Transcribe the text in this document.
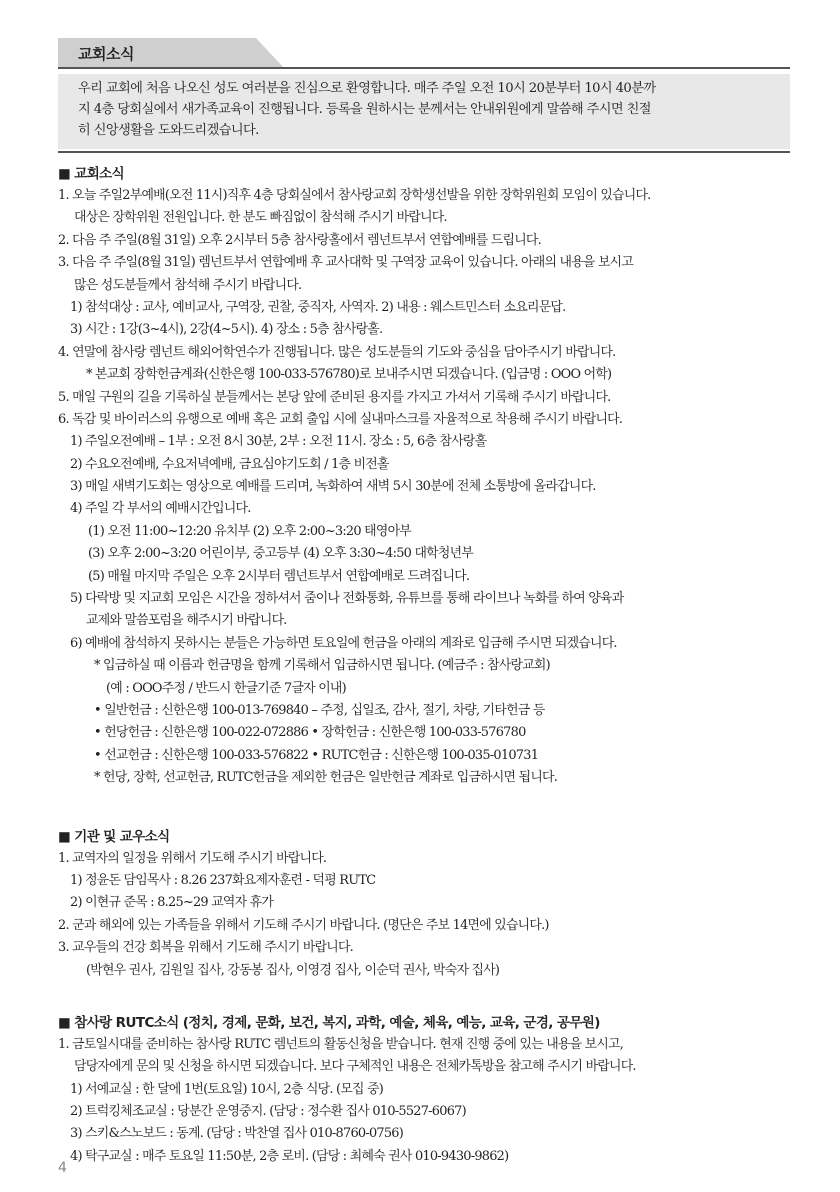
교회소식
우리 교회에 처음 나오신 성도 여러분을 진심으로 환영합니다. 매주 주일 오전 10시 20분부터 10시 40분까
지 4층 당회실에서 새가족교육이 진행됩니다. 등록을 원하시는 분께서는 안내위원에게 말씀해 주시면 친절
히 신앙생활을 도와드리겠습니다.
■ 교회소식
1. 오늘 주일2부예배(오전 11시)직후 4층 당회실에서 참사랑교회 장학생선발을 위한 장학위원회 모임이 있습니다.
대상은 장학위원 전원입니다. 한 분도 빠짐없이 참석해 주시기 바랍니다.
2. 다음 주 주일(8월 31일) 오후 2시부터 5층 참사랑홀에서 렘넌트부서 연합예배를 드립니다.
3. 다음 주 주일(8월 31일) 렘넌트부서 연합예배 후 교사대학 및 구역장 교육이 있습니다. 아래의 내용을 보시고
많은 성도분들께서 참석해 주시기 바랍니다.
1) 참석대상 : 교사, 예비교사, 구역장, 권찰, 중직자, 사역자. 2) 내용 : 웨스트민스터 소요리문답.
3) 시간 : 1강(3~4시), 2강(4~5시). 4) 장소 : 5층 참사랑홀.
4. 연말에 참사랑 렘넌트 해외어학연수가 진행됩니다. 많은 성도분들의 기도와 중심을 담아주시기 바랍니다.
* 본교회 장학헌금계좌(신한은행 100-033-576780)로 보내주시면 되겠습니다. (입금명 : OOO 어학)
5. 매일 구원의 길을 기록하실 분들께서는 본당 앞에 준비된 용지를 가지고 가셔서 기록해 주시기 바랍니다.
6. 독감 및 바이러스의 유행으로 예배 혹은 교회 출입 시에 실내마스크를 자율적으로 착용해 주시기 바랍니다.
1) 주일오전예배 – 1부 : 오전 8시 30분, 2부 : 오전 11시. 장소 : 5, 6층 참사랑홀
2) 수요오전예배, 수요저녁예배, 금요심야기도회 / 1층 비전홀
3) 매일 새벽기도회는 영상으로 예배를 드리며, 녹화하여 새벽 5시 30분에 전체 소통방에 올라갑니다.
4) 주일 각 부서의 예배시간입니다.
(1) 오전 11:00~12:20 유치부 (2) 오후 2:00~3:20 태영아부
(3) 오후 2:00~3:20 어린이부, 중고등부 (4) 오후 3:30~4:50 대학청년부
(5) 매월 마지막 주일은 오후 2시부터 렘넌트부서 연합예배로 드려집니다.
5) 다락방 및 지교회 모임은 시간을 정하셔서 줌이나 전화통화, 유튜브를 통해 라이브나 녹화를 하여 양육과
교제와 말씀포럼을 해주시기 바랍니다.
6) 예배에 참석하지 못하시는 분들은 가능하면 토요일에 헌금을 아래의 계좌로 입금해 주시면 되겠습니다.
* 입금하실 때 이름과 헌금명을 함께 기록해서 입금하시면 됩니다. (예금주 : 참사랑교회)
(예 : OOO주정 / 반드시 한글기준 7글자 이내)
• 일반헌금 : 신한은행 100-013-769840 – 주정, 십일조, 감사, 절기, 차량, 기타헌금 등
• 헌당헌금 : 신한은행 100-022-072886 • 장학헌금 : 신한은행 100-033-576780
• 선교헌금 : 신한은행 100-033-576822 • RUTC헌금 : 신한은행 100-035-010731
* 헌당, 장학, 선교헌금, RUTC헌금을 제외한 헌금은 일반헌금 계좌로 입금하시면 됩니다.
■ 기관 및 교우소식
1. 교역자의 일정을 위해서 기도해 주시기 바랍니다.
1) 정윤돈 담임목사 : 8.26 237화요제자훈련 - 덕평 RUTC
2) 이현규 준목 : 8.25~29 교역자 휴가
2. 군과 해외에 있는 가족들을 위해서 기도해 주시기 바랍니다. (명단은 주보 14면에 있습니다.)
3. 교우들의 건강 회복을 위해서 기도해 주시기 바랍니다.
(박현우 권사, 김원일 집사, 강동봉 집사, 이영경 집사, 이순덕 권사, 박숙자 집사)
■ 참사랑 RUTC소식 (정치, 경제, 문화, 보건, 복지, 과학, 예술, 체육, 예능, 교육, 군경, 공무원)
1. 금토일시대를 준비하는 참사랑 RUTC 렘넌트의 활동신청을 받습니다. 현재 진행 중에 있는 내용을 보시고,
담당자에게 문의 및 신청을 하시면 되겠습니다. 보다 구체적인 내용은 전체카톡방을 참고해 주시기 바랍니다.
1) 서예교실 : 한 달에 1번(토요일) 10시, 2층 식당. (모집 중)
2) 트럭킹체조교실 : 당분간 운영중지. (담당 : 정수환 집사 010-5527-6067)
3) 스키&스노보드 : 동계. (담당 : 박찬열 집사 010-8760-0756)
4) 탁구교실 : 매주 토요일 11:50분, 2층 로비. (담당 : 최혜숙 권사 010-9430-9862)
4
